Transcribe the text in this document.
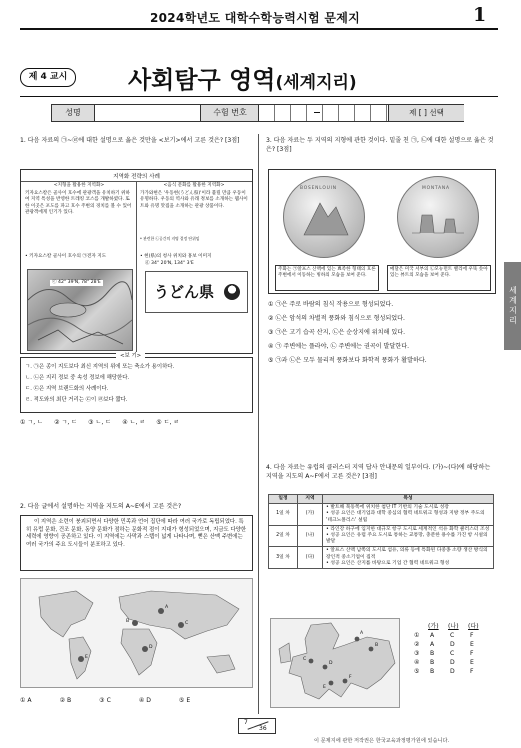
2024학년도 대학수학능력시험 문제지	1
제 4 교시	사회탐구 영역(세계지리)
성명	수험 번호	제 [ ] 선택
세계지리
1. 다음 자료의 ㉠~㉣에 대한 설명으로 옳은 것만을 <보기>에서 고른 것은? [3점]
지역화 전략의 사례
<지형을 활용한 지역화>
키자요스칼은 골사이 호수에 관광객을 유치하기 위하여 지역 특성을 반영한 트레킹 코스를 개발하였다. 또한 이곳은 포도를 파고 호수 주변의 경치를 볼 수 있어 관광객에게 인기가 있다.
• 키자요스칼 골사이 호수의 ㉠전자 지도
ⓒ 42° 39'N, 78° 28'E
<음식 문화를 활용한 지역화>
가가와현은 '우동현(うどん県)'이라 불릴 만큼 우동이 유명하다. 우동의 역사와 유래 정보를 소개하는 웹사이트와 유명 맛집을 소개하는 관광 상품이다.
* 관련한 ㉡공간의 지명 결정 단위임
• 현(県)의 청사 위치와 홍보 이미지
ⓓ 34° 20'N, 134° 3'E
うどん県
<보 기>
ㄱ. ㉠은 종이 지도보다 최신 지역의 위에 또는 축소가 용이하다.
ㄴ. ㉡은 지리 정보 중 속성 정보에 해당한다.
ㄷ. ㉢은 지역 브랜드화의 사례이다.
ㄹ. 적도와의 최단 거리는 ㉢이 ㉣보다 짧다.
① ㄱ, ㄴ ② ㄱ, ㄷ ③ ㄴ, ㄷ ④ ㄴ, ㄹ ⑤ ㄷ, ㄹ
2. 다음 글에서 설명하는 지역을 지도의 A~E에서 고른 것은?
이 지역은 소련이 붕괴되면서 다양한 민족과 언어 집단에 따라 여러 국가로 독립되었다. 특히 유럽 문화, 건조 문화, 동양 문화가 점하는 문화적 점이 지대가 형성되었으며, 지금도 다양한 세력에 영향이 공존하고 있다. 이 지역에는 사막과 스텝이 넓게 나타나며, 뻗은 산맥 주변에는 여러 국가의 주요 도시들이 분포하고 있다.
A
B	C
D
E
① A	② B	③ C	④ D	⑤ E
3. 다음 자료는 두 지역의 지형에 관한 것이다. 밑줄 친 ㉠, ㉡에 대한 설명으로 옳은 것은? [3점]
BOSENLOUIN	MONTANA
주화는 ㉠알프스 산맥에 있는 뾰족한 형태의 호른 주변에서 이동하는 빙하의 모습을 보여 준다.
메달은 미국 서부의 ㉡모뉴먼트 밸리에 우뚝 솟아 있는 뷰트의 모습을 보여 준다.
① ㉠은 주로 바람의 침식 작용으로 형성되었다.
② ㉡은 암석의 차별적 풍화와 침식으로 형성되었다.
③ ㉠은 고기 습곡 산지, ㉡은 순상지에 위치해 있다.
④ ㉠ 주변에는 플라야, ㉡ 주변에는 권곡이 발달한다.
⑤ ㉠과 ㉡은 모두 물리적 풍화보다 화학적 풍화가 활발하다.
4. 다음 자료는 유럽의 클러스터 지역 답사 안내문의 일부이다. (가)~(다)에 해당하는 지역을 지도의 A~F에서 고른 것은? [3점]
일정	지역	특성
1일 차	(가)	• 발트해 북동쪽에 위치한 첨단 IT 기반의 기술 도시로 성장
• 성공 요인은 대기업과 대학 중심의 협력 네트워크 형성과 지방 정부 주도의 '테크노폴리스' 설립

2일 차	(나)	• 라인강 하구에 입지한 대규모 항구 도시로 세계적인 석유 화학 클러스터 조성
• 성공 요인은 유럽 주요 도시로 통하는 교통망, 충분한 용수를 가진 항 시설의 발달

3일 차	(다)	• 알프스 산맥 남쪽의 도시로 섬유, 의류 등에 특화된 다중종 소량 생산 방식의 장인적 중소기업이 집적
• 성공 요인은 산지를 바탕으로 기업 간 협력 네트워크 형성
A
B
C
D
E
F
(가)	(나)	(다)
①	A	C	F
②	A	D	E
③	B	C	F
④	B	D	E
⑤	B	D	F
7
36
이 문제지에 관한 저작권은 한국교육과정평가원에 있습니다.
